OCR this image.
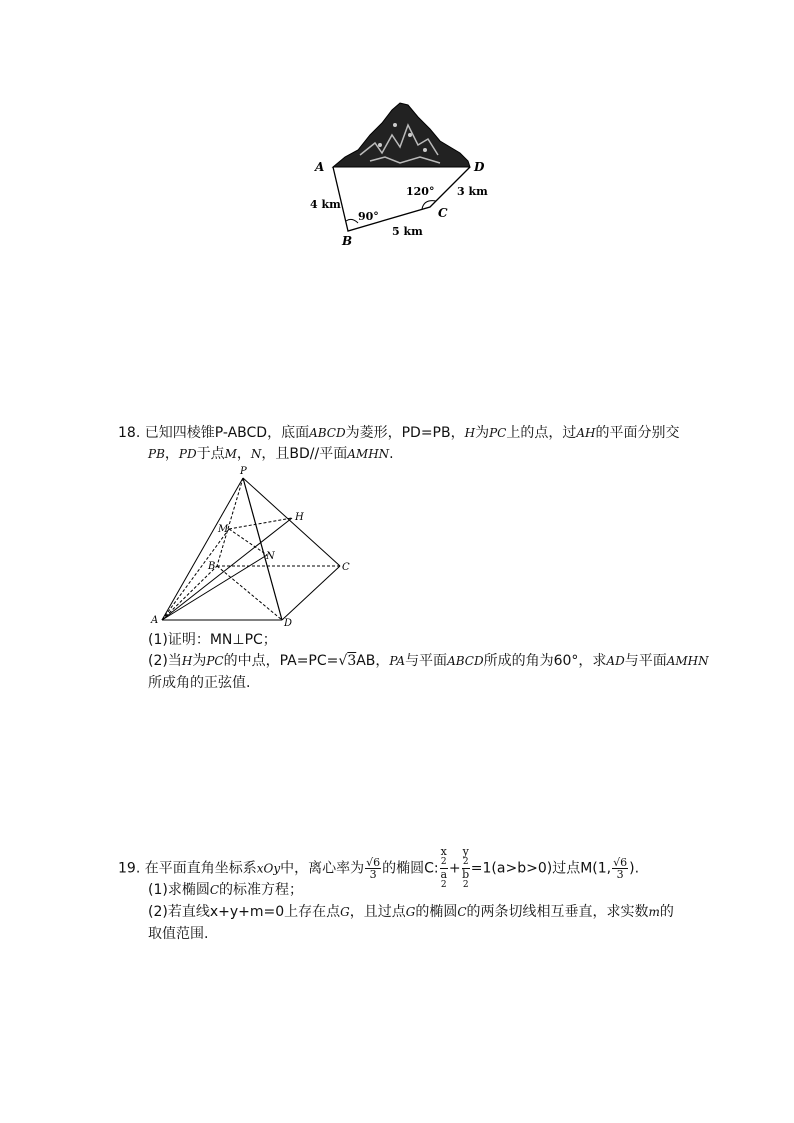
A
B
C
D
4 km
5 km
3 km
90°
120°
18. 已知四棱锥P-ABCD，底面ABCD为菱形，PD=PB，H为PC上的点，过AH的平面分别交
PB，PD于点M，N，且BD//平面AMHN.
P
M
H
N
B	C
A	D
(1)证明：MN⊥PC；
(2)当H为PC的中点，PA=PC=√3AB，PA与平面ABCD所成的角为60°，求AD与平面AMHN
所成角的正弦值.
19. 在平面直角坐标系xOy中，离心率为 $\frac{√6}{3}$ 的椭圆C: x
2
a
2 + y
2
b
2 =1(a>b>0)过点M(1, $\frac{√6}{3}$ ).
(1)求椭圆C的标准方程；
(2)若直线x+y+m=0上存在点G，且过点G的椭圆C的两条切线相互垂直，求实数m的
取值范围.
